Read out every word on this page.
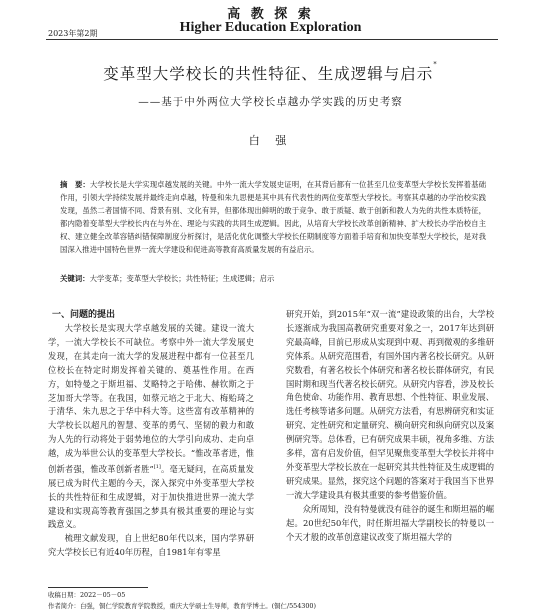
高 教 探 索
2023年第2期	Higher Education Exploration
变革型大学校长的共性特征、生成逻辑与启示*
——基于中外两位大学校长卓越办学实践的历史考察
白 强
摘　要：大学校长是大学实现卓越发展的关键。中外一流大学发展史证明，在其背后都有一位甚至几位变革型大学校长发挥着基础作用，引领大学持续发展并最终走向卓越，特曼和朱九思便是其中具有代表性的两位变革型大学校长。考察其卓越的办学治校实践发现，虽然二者国情不同、背景有别、文化有异，但都体现出鲜明的敢于竞争、敢于质疑、敢于创新和教人为先的共性本质特征，都内隐着变革型大学校长内在与外在、理论与实践的共同生成逻辑。因此，从培育大学校长改革创新精神、扩大校长办学治校自主权、建立健全改革容错纠错保障制度分析探讨，是活化优化调整大学校长任期制度等方面着手培育和加快变革型大学校长，是对我国深入推进中国特色世界一流大学建设和促进高等教育高质量发展的有益启示。
关键词：大学变革；变革型大学校长；共性特征；生成逻辑；启示
一、问题的提出

大学校长是实现大学卓越发展的关键。建设一流大学，一流大学校长不可缺位。考察中外一流大学发展史发现，在其走向一流大学的发展进程中都有一位甚至几位校长在特定时期发挥着关键的、奠基性作用。在西方，如特曼之于斯坦福、艾略特之于哈佛、赫钦斯之于芝加哥大学等。在我国，如蔡元培之于北大、梅贻琦之于清华、朱九思之于华中科大等。这些富有改革精神的大学校长以超凡的智慧、变革的勇气、坚韧的毅力和敢为人先的行动将处于弱势地位的大学引向成功、走向卓越，成为举世公认的变革型大学校长。“惟改革者进，惟创新者强，惟改革创新者胜”[1]。毫无疑问，在高质量发展已成为时代主题的今天，深入探究中外变革型大学校长的共性特征和生成逻辑，对于加快推进世界一流大学建设和实现高等教育强国之梦具有极其重要的理论与实践意义。

梳理文献发现，自上世纪80年代以来，国内学界研究大学校长已有近40年历程，自1981年有零星

研究开始，到2015年“双一流”建设政策的出台，大学校长逐渐成为我国高教研究重要对象之一，2017年达到研究最高峰，目前已形成从实现到中观、再到微观的多维研究体系。从研究范围看，有国外国内著名校长研究。从研究数看，有著名校长个体研究和著名校长群体研究，有民国时期和现当代著名校长研究。从研究内容看，涉及校长角色使命、功能作用、教育思想、个性特征、职业发展、选任考核等诸多问题。从研究方法看，有思辨研究和实证研究、定性研究和定量研究、横向研究和纵向研究以及案例研究等。总体看，已有研究成果丰硕，视角多维、方法多样，富有启发价值，但罕见聚焦变革型大学校长并将中外变革型大学校长放在一起研究其共性特征及生成逻辑的研究成果。显然，探究这个问题的答案对于我国当下世界一流大学建设具有极其重要的参考借鉴价值。

众所周知，没有特曼就没有硅谷的诞生和斯坦福的崛起。20世纪50年代，时任斯坦福大学副校长的特曼以一个天才般的改革创意建议改变了斯坦福大学的

收稿日期：2022－05－05
作者简介：白强，铜仁学院教育学院教授，重庆大学硕士生导师，教育学博士。(铜仁/554300)
